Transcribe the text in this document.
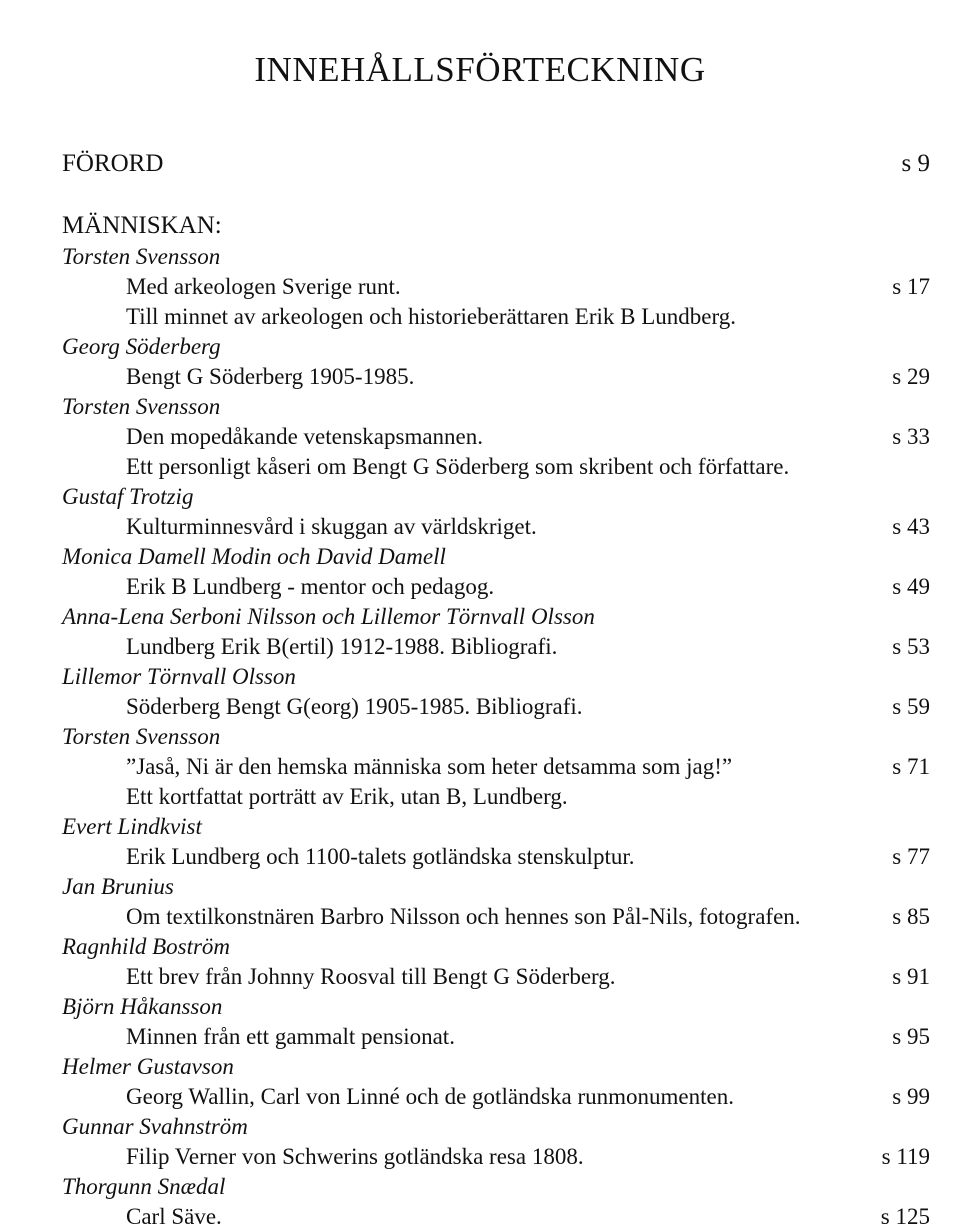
INNEHÅLLSFÖRTECKNING
FÖRORD	s 9
MÄNNISKAN:
Torsten Svensson
Med arkeologen Sverige runt.	s 17
Till minnet av arkeologen och historieberättaren Erik B Lundberg.
Georg Söderberg
Bengt G Söderberg 1905-1985.	s 29
Torsten Svensson
Den mopedåkande vetenskapsmannen.	s 33
Ett personligt kåseri om Bengt G Söderberg som skribent och författare.
Gustaf Trotzig
Kulturminnesvård i skuggan av världskriget.	s 43
Monica Damell Modin och David Damell
Erik B Lundberg - mentor och pedagog.	s 49
Anna-Lena Serboni Nilsson och Lillemor Törnvall Olsson
Lundberg Erik B(ertil) 1912-1988. Bibliografi.	s 53
Lillemor Törnvall Olsson
Söderberg Bengt G(eorg) 1905-1985. Bibliografi.	s 59
Torsten Svensson
”Jaså, Ni är den hemska människa som heter detsamma som jag!”	s 71
Ett kortfattat porträtt av Erik, utan B, Lundberg.
Evert Lindkvist
Erik Lundberg och 1100-talets gotländska stenskulptur.	s 77
Jan Brunius
Om textilkonstnären Barbro Nilsson och hennes son Pål-Nils, fotografen.	s 85
Ragnhild Boström
Ett brev från Johnny Roosval till Bengt G Söderberg.	s 91
Björn Håkansson
Minnen från ett gammalt pensionat.	s 95
Helmer Gustavson
Georg Wallin, Carl von Linné och de gotländska runmonumenten.	s 99
Gunnar Svahnström
Filip Verner von Schwerins gotländska resa 1808.	s 119
Thorgunn Snædal
Carl Säve.	s 125
